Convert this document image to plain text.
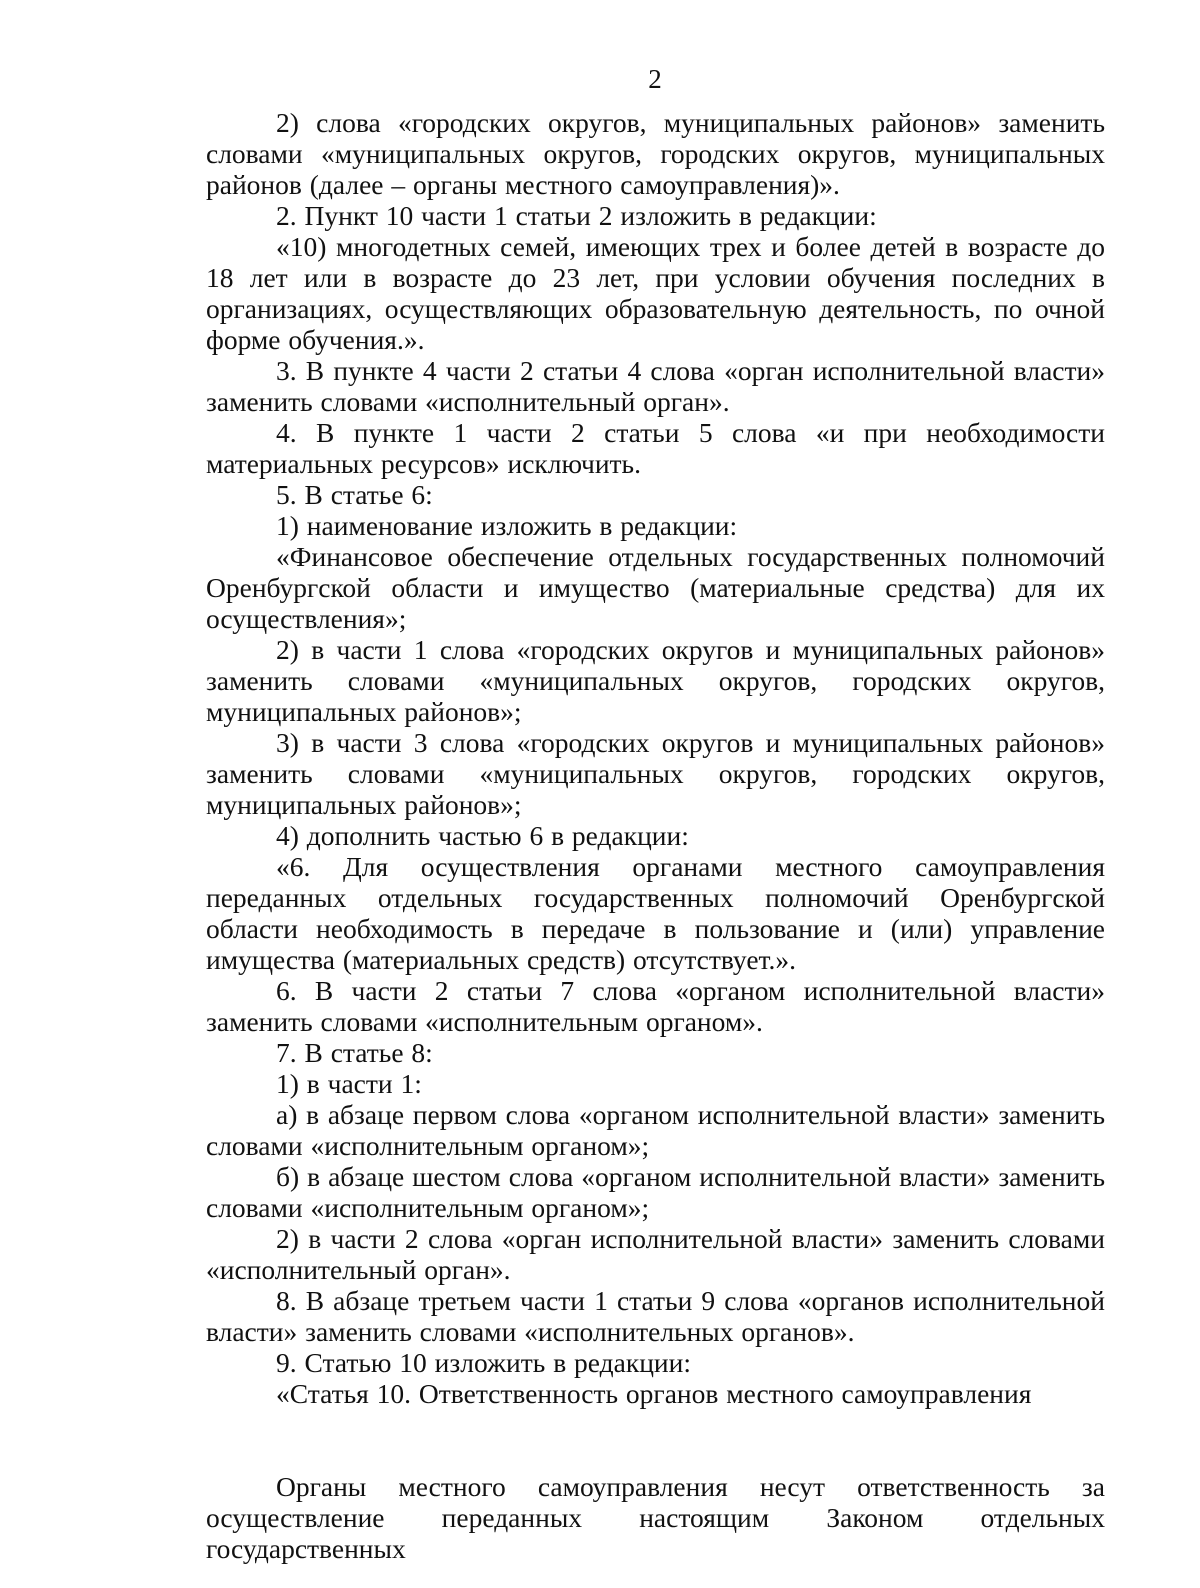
2

2) слова «городских округов, муниципальных районов» заменить словами «муниципальных округов, городских округов, муниципальных районов (далее – органы местного самоуправления)».

2. Пункт 10 части 1 статьи 2 изложить в редакции:

«10) многодетных семей, имеющих трех и более детей в возрасте до 18 лет или в возрасте до 23 лет, при условии обучения последних в организациях, осуществляющих образовательную деятельность, по очной форме обучения.».

3. В пункте 4 части 2 статьи 4 слова «орган исполнительной власти» заменить словами «исполнительный орган».

4. В пункте 1 части 2 статьи 5 слова «и при необходимости материальных ресурсов» исключить.

5. В статье 6:

1) наименование изложить в редакции:

«Финансовое обеспечение отдельных государственных полномочий Оренбургской области и имущество (материальные средства) для их осуществления»;

2) в части 1 слова «городских округов и муниципальных районов» заменить словами «муниципальных округов, городских округов, муниципальных районов»;

3) в части 3 слова «городских округов и муниципальных районов» заменить словами «муниципальных округов, городских округов, муниципальных районов»;

4) дополнить частью 6 в редакции:

«6. Для осуществления органами местного самоуправления переданных отдельных государственных полномочий Оренбургской области необходимость в передаче в пользование и (или) управление имущества (материальных средств) отсутствует.».

6. В части 2 статьи 7 слова «органом исполнительной власти» заменить словами «исполнительным органом».

7. В статье 8:

1) в части 1:

а) в абзаце первом слова «органом исполнительной власти» заменить словами «исполнительным органом»;

б) в абзаце шестом слова «органом исполнительной власти» заменить словами «исполнительным органом»;

2) в части 2 слова «орган исполнительной власти» заменить словами «исполнительный орган».

8. В абзаце третьем части 1 статьи 9 слова «органов исполнительной власти» заменить словами «исполнительных органов».

9. Статью 10 изложить в редакции:

«Статья 10. Ответственность органов местного самоуправления

Органы местного самоуправления несут ответственность за осуществление переданных настоящим Законом отдельных государственных
